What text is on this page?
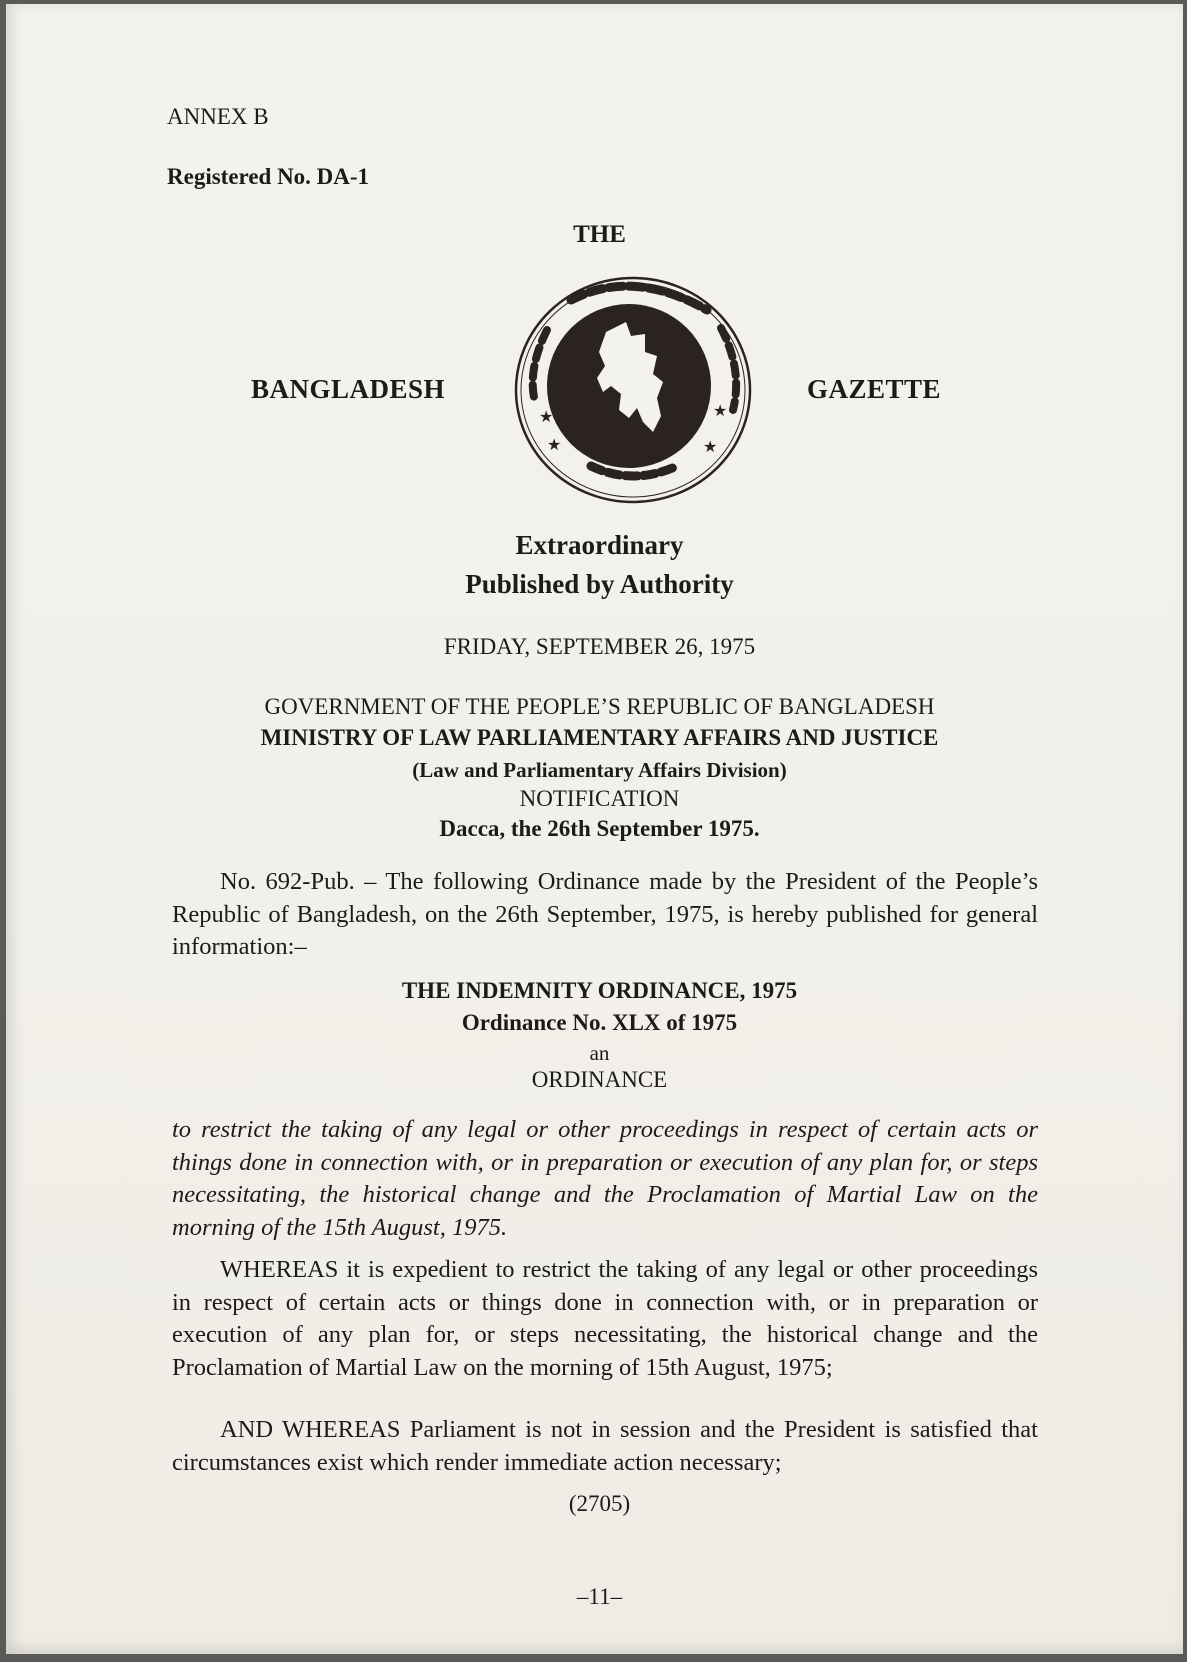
ANNEX B

Registered No. DA-1

THE

BANGLADESH	GAZETTE

★
★
★
★

Extraordinary

Published by Authority

FRIDAY, SEPTEMBER 26, 1975

GOVERNMENT OF THE PEOPLE’S REPUBLIC OF BANGLADESH

MINISTRY OF LAW PARLIAMENTARY AFFAIRS AND JUSTICE

(Law and Parliamentary Affairs Division)

NOTIFICATION

Dacca, the 26th September 1975.

No. 692-Pub. – The following Ordinance made by the President of the People’s Republic of Bangladesh, on the 26th September, 1975, is hereby published for general information:–

THE INDEMNITY ORDINANCE, 1975

Ordinance No. XLX of 1975

an

ORDINANCE

to restrict the taking of any legal or other proceedings in respect of certain acts or things done in connection with, or in preparation or execution of any plan for, or steps necessitating, the historical change and the Proclamation of Martial Law on the morning of the 15th August, 1975.

WHEREAS it is expedient to restrict the taking of any legal or other proceedings in respect of certain acts or things done in connection with, or in preparation or execution of any plan for, or steps necessitating, the historical change and the Proclamation of Martial Law on the morning of 15th August, 1975;

AND WHEREAS Parliament is not in session and the President is satisfied that circumstances exist which render immediate action necessary;

(2705)

–11–
